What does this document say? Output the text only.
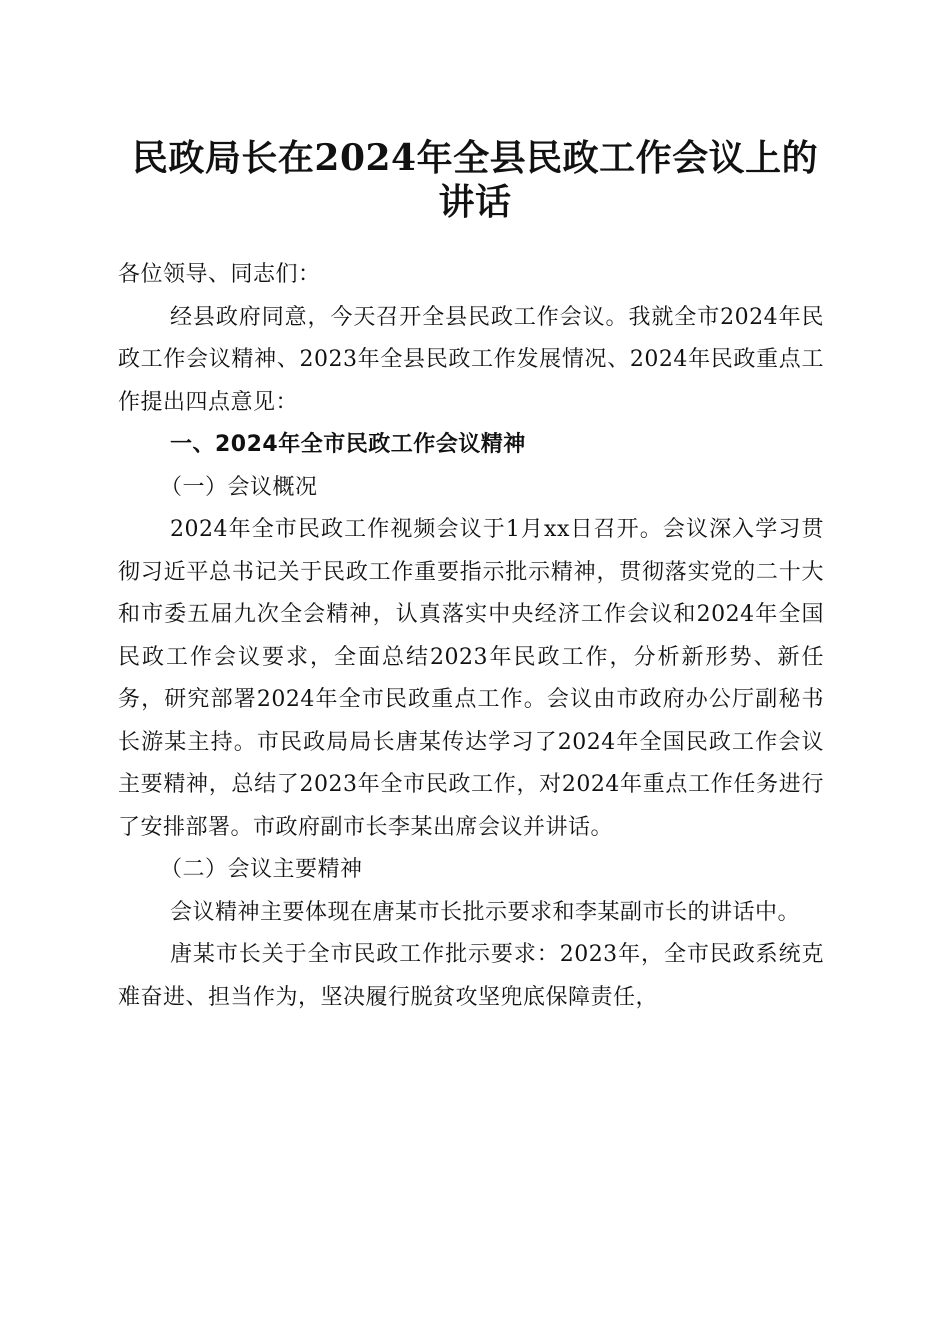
民政局长在2024年全县民政工作会议上的讲话

各位领导、同志们：

经县政府同意，今天召开全县民政工作会议。我就全市2024年民政工作会议精神、2023年全县民政工作发展情况、2024年民政重点工作提出四点意见：

一、2024年全市民政工作会议精神

（一）会议概况

2024年全市民政工作视频会议于1月xx日召开。会议深入学习贯彻习近平总书记关于民政工作重要指示批示精神，贯彻落实党的二十大和市委五届九次全会精神，认真落实中央经济工作会议和2024年全国民政工作会议要求，全面总结2023年民政工作，分析新形势、新任务，研究部署2024年全市民政重点工作。会议由市政府办公厅副秘书长游某主持。市民政局局长唐某传达学习了2024年全国民政工作会议主要精神，总结了2023年全市民政工作，对2024年重点工作任务进行了安排部署。市政府副市长李某出席会议并讲话。

（二）会议主要精神

会议精神主要体现在唐某市长批示要求和李某副市长的讲话中。

唐某市长关于全市民政工作批示要求：2023年，全市民政系统克难奋进、担当作为，坚决履行脱贫攻坚兜底保障责任，
